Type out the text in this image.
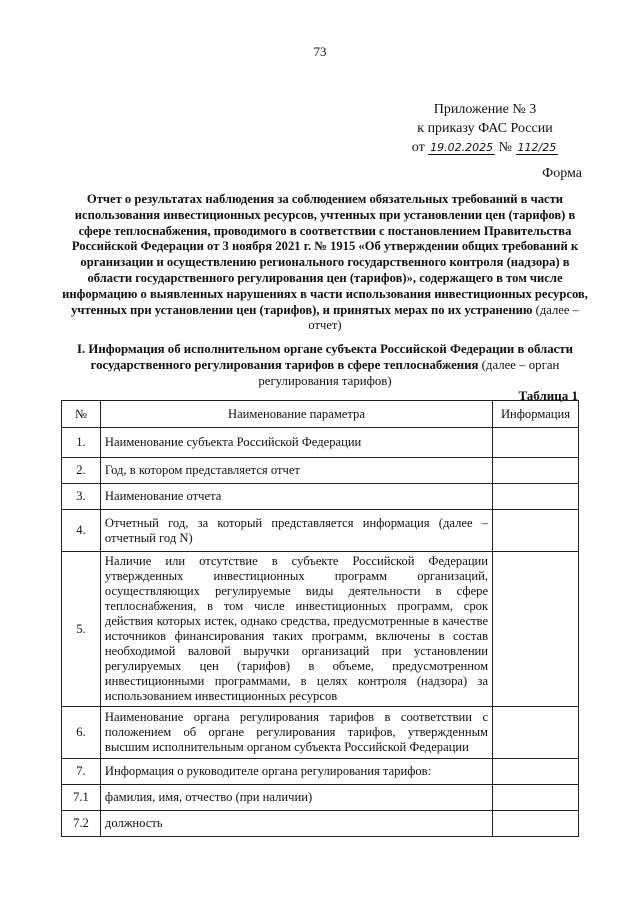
73
Приложение № 3
к приказу ФАС России
от 19.02.2025 № 112/25
Форма
Отчет о результатах наблюдения за соблюдением обязательных требований в части использования инвестиционных ресурсов, учтенных при установлении цен (тарифов) в сфере теплоснабжения, проводимого в соответствии с постановлением Правительства Российской Федерации от 3 ноября 2021 г. № 1915 «Об утверждении общих требований к организации и осуществлению регионального государственного контроля (надзора) в области государственного регулирования цен (тарифов)», содержащего в том числе информацию о выявленных нарушениях в части использования инвестиционных ресурсов, учтенных при установлении цен (тарифов), и принятых мерах по их устранению (далее – отчет)
I. Информация об исполнительном органе субъекта Российской Федерации в области государственного регулирования тарифов в сфере теплоснабжения (далее – орган регулирования тарифов)
Таблица 1
№	Наименование параметра	Информация
1.	Наименование субъекта Российской Федерации	
2.	Год, в котором представляется отчет	
3.	Наименование отчета	
4.	Отчетный год, за который представляется информация (далее – отчетный год N)	
5.	Наличие или отсутствие в субъекте Российской Федерации утвержденных инвестиционных программ организаций, осуществляющих регулируемые виды деятельности в сфере теплоснабжения, в том числе инвестиционных программ, срок действия которых истек, однако средства, предусмотренные в качестве источников финансирования таких программ, включены в состав необходимой валовой выручки организаций при установлении регулируемых цен (тарифов) в объеме, предусмотренном инвестиционными программами, в целях контроля (надзора) за использованием инвестиционных ресурсов	
6.	Наименование органа регулирования тарифов в соответствии с положением об органе регулирования тарифов, утвержденным высшим исполнительным органом субъекта Российской Федерации	
7.	Информация о руководителе органа регулирования тарифов:	
7.1	фамилия, имя, отчество (при наличии)	
7.2	должность	
